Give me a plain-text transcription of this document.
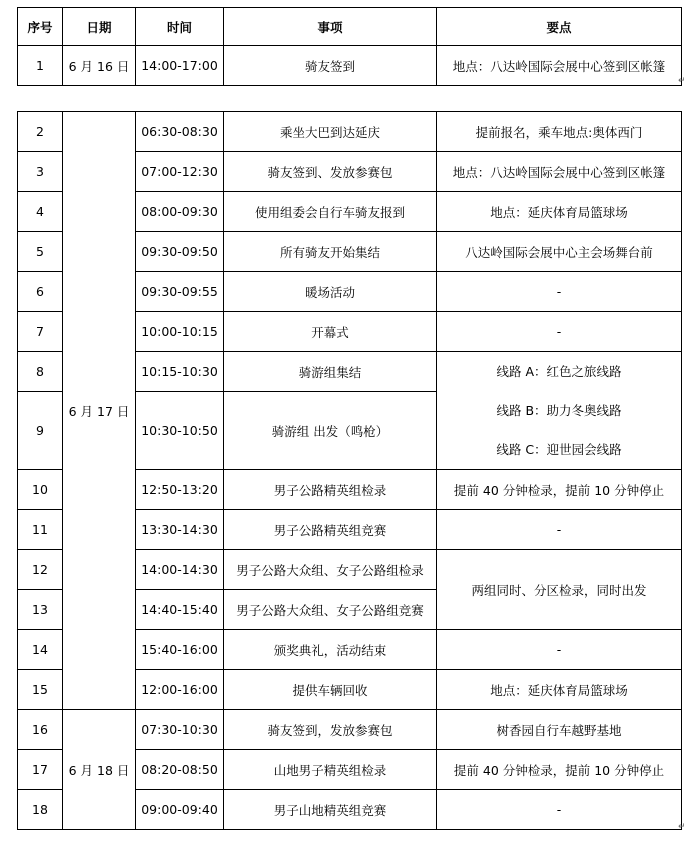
序号	日期	时间	事项	要点
1	6 月 16 日	14:00-17:00	骑友签到	地点：八达岭国际会展中心签到区帐篷
↵
2	6 月 17 日	06:30-08:30	乘坐大巴到达延庆	提前报名，乘车地点:奥体西门
3		07:00-12:30	骑友签到、发放参赛包	地点：八达岭国际会展中心签到区帐篷
4		08:00-09:30	使用组委会自行车骑友报到	地点：延庆体育局篮球场
5		09:30-09:50	所有骑友开始集结	八达岭国际会展中心主会场舞台前
6		09:30-09:55	暖场活动	-
7		10:00-10:15	开幕式	-
8		10:15-10:30	骑游组集结	线路 A：红色之旅线路
线路 B：助力冬奥线路
线路 C：迎世园会线路

9		10:30-10:50	骑游组 出发（鸣枪）	
10		12:50-13:20	男子公路精英组检录	提前 40 分钟检录，提前 10 分钟停止
11		13:30-14:30	男子公路精英组竞赛	-
12		14:00-14:30	男子公路大众组、女子公路组检录	两组同时、分区检录，同时出发
13		14:40-15:40	男子公路大众组、女子公路组竞赛	
14		15:40-16:00	颁奖典礼，活动结束	-
15		12:00-16:00	提供车辆回收	地点：延庆体育局篮球场
16	6 月 18 日	07:30-10:30	骑友签到，发放参赛包	树香园自行车越野基地
17		08:20-08:50	山地男子精英组检录	提前 40 分钟检录，提前 10 分钟停止
18		09:00-09:40	男子山地精英组竞赛	-
↵
